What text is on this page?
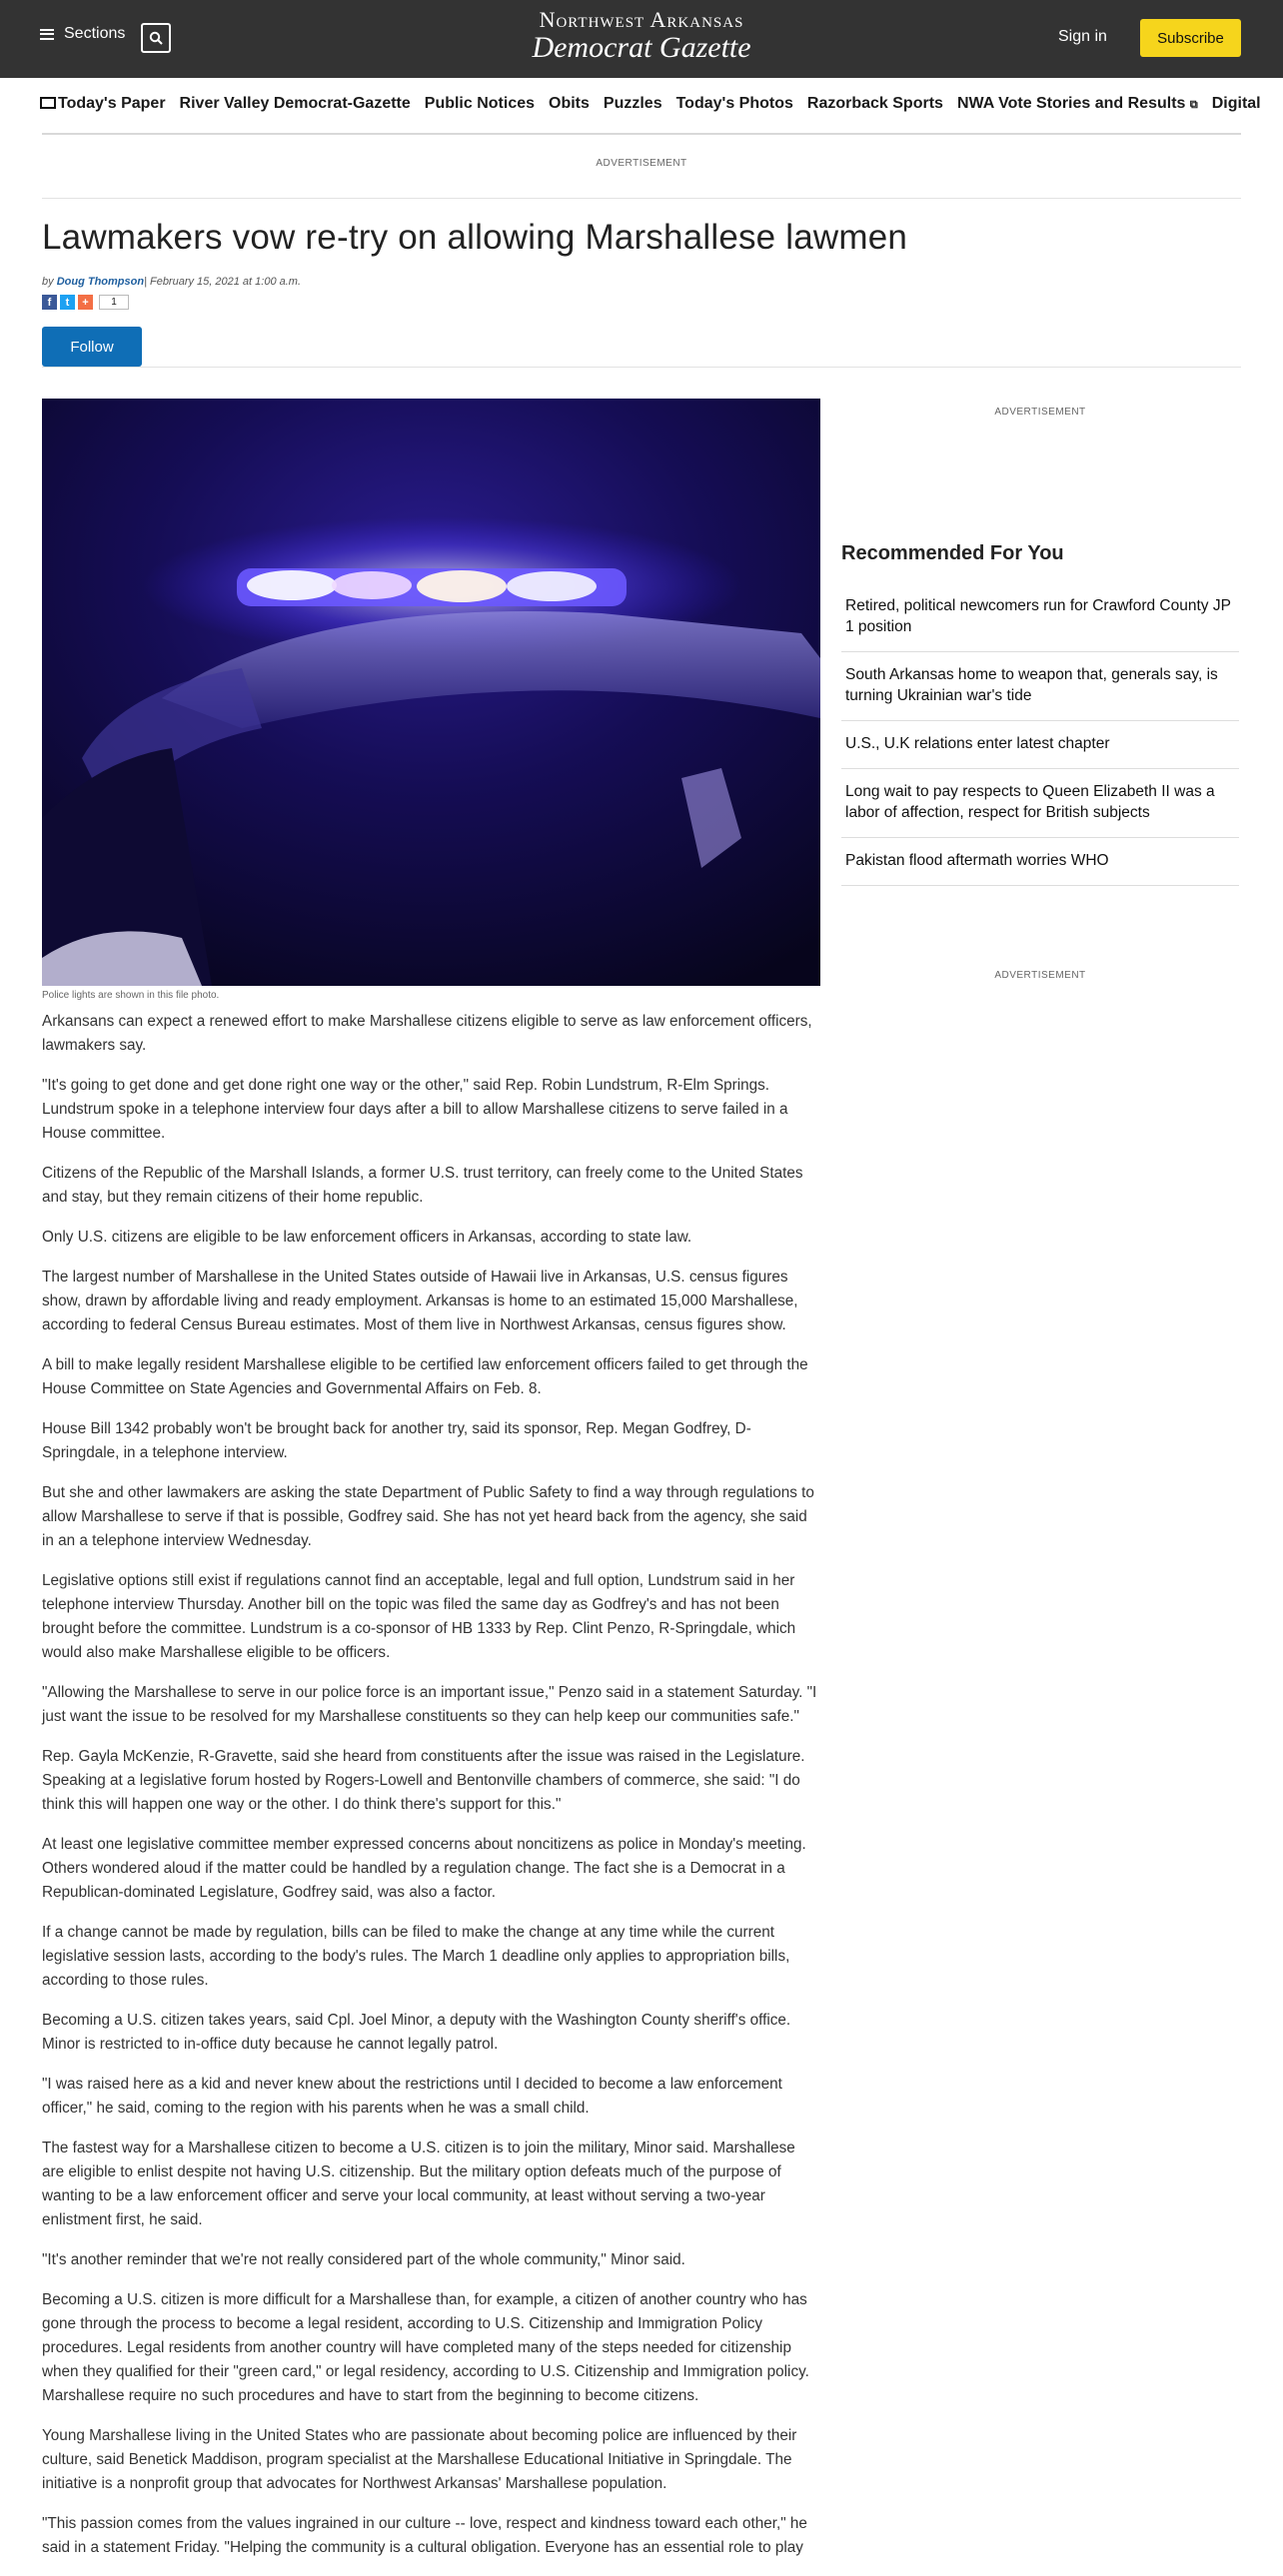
Sections
Northwest Arkansas
Democrat Gazette	Sign in	Subscribe
Today's Paper River Valley Democrat-Gazette Public Notices Obits Puzzles Today's Photos Razorback Sports NWA Vote Stories and Results ⧉ Digital
ADVERTISEMENT
Lawmakers vow re-try on allowing Marshallese lawmen
by Doug Thompson| February 15, 2021 at 1:00 a.m.
f	t	+	1
Follow
Police lights are shown in this file photo.

Arkansans can expect a renewed effort to make Marshallese citizens eligible to serve as law enforcement officers, lawmakers say.

"It's going to get done and get done right one way or the other," said Rep. Robin Lundstrum, R-Elm Springs. Lundstrum spoke in a telephone interview four days after a bill to allow Marshallese citizens to serve failed in a House committee.

Citizens of the Republic of the Marshall Islands, a former U.S. trust territory, can freely come to the United States and stay, but they remain citizens of their home republic.

Only U.S. citizens are eligible to be law enforcement officers in Arkansas, according to state law.

The largest number of Marshallese in the United States outside of Hawaii live in Arkansas, U.S. census figures show, drawn by affordable living and ready employment. Arkansas is home to an estimated 15,000 Marshallese, according to federal Census Bureau estimates. Most of them live in Northwest Arkansas, census figures show.

A bill to make legally resident Marshallese eligible to be certified law enforcement officers failed to get through the House Committee on State Agencies and Governmental Affairs on Feb. 8.

House Bill 1342 probably won't be brought back for another try, said its sponsor, Rep. Megan Godfrey, D-Springdale, in a telephone interview.

But she and other lawmakers are asking the state Department of Public Safety to find a way through regulations to allow Marshallese to serve if that is possible, Godfrey said. She has not yet heard back from the agency, she said in an a telephone interview Wednesday.

Legislative options still exist if regulations cannot find an acceptable, legal and full option, Lundstrum said in her telephone interview Thursday. Another bill on the topic was filed the same day as Godfrey's and has not been brought before the committee. Lundstrum is a co-sponsor of HB 1333 by Rep. Clint Penzo, R-Springdale, which would also make Marshallese eligible to be officers.

"Allowing the Marshallese to serve in our police force is an important issue," Penzo said in a statement Saturday. "I just want the issue to be resolved for my Marshallese constituents so they can help keep our communities safe."

Rep. Gayla McKenzie, R-Gravette, said she heard from constituents after the issue was raised in the Legislature. Speaking at a legislative forum hosted by Rogers-Lowell and Bentonville chambers of commerce, she said: "I do think this will happen one way or the other. I do think there's support for this."

At least one legislative committee member expressed concerns about noncitizens as police in Monday's meeting. Others wondered aloud if the matter could be handled by a regulation change. The fact she is a Democrat in a Republican-dominated Legislature, Godfrey said, was also a factor.

If a change cannot be made by regulation, bills can be filed to make the change at any time while the current legislative session lasts, according to the body's rules. The March 1 deadline only applies to appropriation bills, according to those rules.

Becoming a U.S. citizen takes years, said Cpl. Joel Minor, a deputy with the Washington County sheriff's office. Minor is restricted to in-office duty because he cannot legally patrol.

"I was raised here as a kid and never knew about the restrictions until I decided to become a law enforcement officer," he said, coming to the region with his parents when he was a small child.

The fastest way for a Marshallese citizen to become a U.S. citizen is to join the military, Minor said. Marshallese are eligible to enlist despite not having U.S. citizenship. But the military option defeats much of the purpose of wanting to be a law enforcement officer and serve your local community, at least without serving a two-year enlistment first, he said.

"It's another reminder that we're not really considered part of the whole community," Minor said.

Becoming a U.S. citizen is more difficult for a Marshallese than, for example, a citizen of another country who has gone through the process to become a legal resident, according to U.S. Citizenship and Immigration Policy procedures. Legal residents from another country will have completed many of the steps needed for citizenship when they qualified for their "green card," or legal residency, according to U.S. Citizenship and Immigration policy. Marshallese require no such procedures and have to start from the beginning to become citizens.

Young Marshallese living in the United States who are passionate about becoming police are influenced by their culture, said Benetick Maddison, program specialist at the Marshallese Educational Initiative in Springdale. The initiative is a nonprofit group that advocates for Northwest Arkansas' Marshallese population.

"This passion comes from the values ingrained in our culture -- love, respect and kindness toward each other," he said in a statement Friday. "Helping the community is a cultural obligation. Everyone has an essential role to play

ADVERTISEMENT
Recommended For You
Retired, political newcomers run for Crawford County JP 1 position
South Arkansas home to weapon that, generals say, is turning Ukrainian war's tide
U.S., U.K relations enter latest chapter
Long wait to pay respects to Queen Elizabeth II was a labor of affection, respect for British subjects
Pakistan flood aftermath worries WHO
ADVERTISEMENT
